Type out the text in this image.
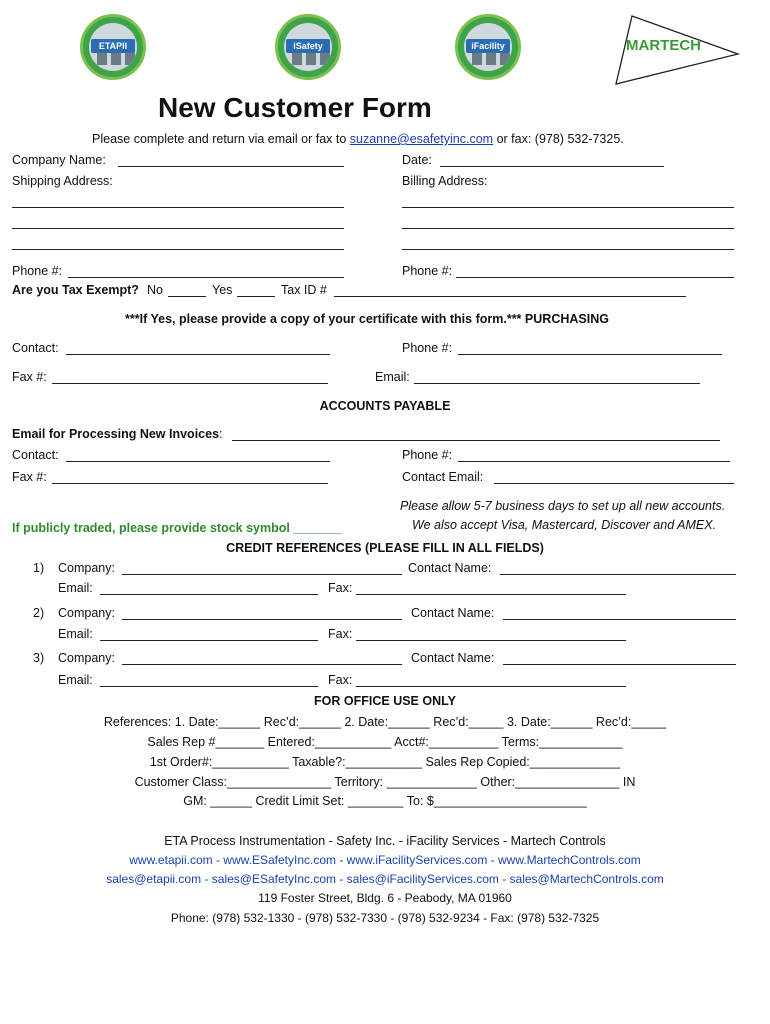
ETAPII	iSafety	iFacility	MARTECH
New Customer Form
Please complete and return via email or fax to suzanne@esafetyinc.com or fax: (978) 532-7325.
Company Name:	Date:
Shipping Address:	Billing Address:
Phone #:	Phone #:
Are you Tax Exempt? No	Yes	Tax ID #
***If Yes, please provide a copy of your certificate with this form.*** PURCHASING
Contact:	Phone #:
Fax #:	Email:
ACCOUNTS PAYABLE
Email for Processing New Invoices:
Contact:	Phone #:
Fax #:	Contact Email:
Please allow 5-7 business days to set up all new accounts.
We also accept Visa, Mastercard, Discover and AMEX.
If publicly traded, please provide stock symbol _______
CREDIT REFERENCES (PLEASE FILL IN ALL FIELDS)
1) Company:	Contact Name:
Email:	Fax:
2) Company:	Contact Name:
Email:	Fax:
3) Company:	Contact Name:
Email:	Fax:
FOR OFFICE USE ONLY
References: 1. Date:______ Rec’d:______ 2. Date:______ Rec’d:_____ 3. Date:______ Rec’d:_____
Sales Rep #_______ Entered:___________ Acct#:__________ Terms:____________
1st Order#:___________ Taxable?:___________ Sales Rep Copied:_____________
Customer Class:_______________ Territory: _____________ Other:_______________ IN
GM: ______ Credit Limit Set: ________ To: $______________________
ETA Process Instrumentation - Safety Inc. - iFacility Services - Martech Controls
www.etapii.com - www.ESafetyInc.com - www.iFacilityServices.com - www.MartechControls.com
sales@etapii.com - sales@ESafetyInc.com - sales@iFacilityServices.com - sales@MartechControls.com
119 Foster Street, Bldg. 6 - Peabody, MA 01960
Phone: (978) 532-1330 - (978) 532-7330 - (978) 532-9234 - Fax: (978) 532-7325
